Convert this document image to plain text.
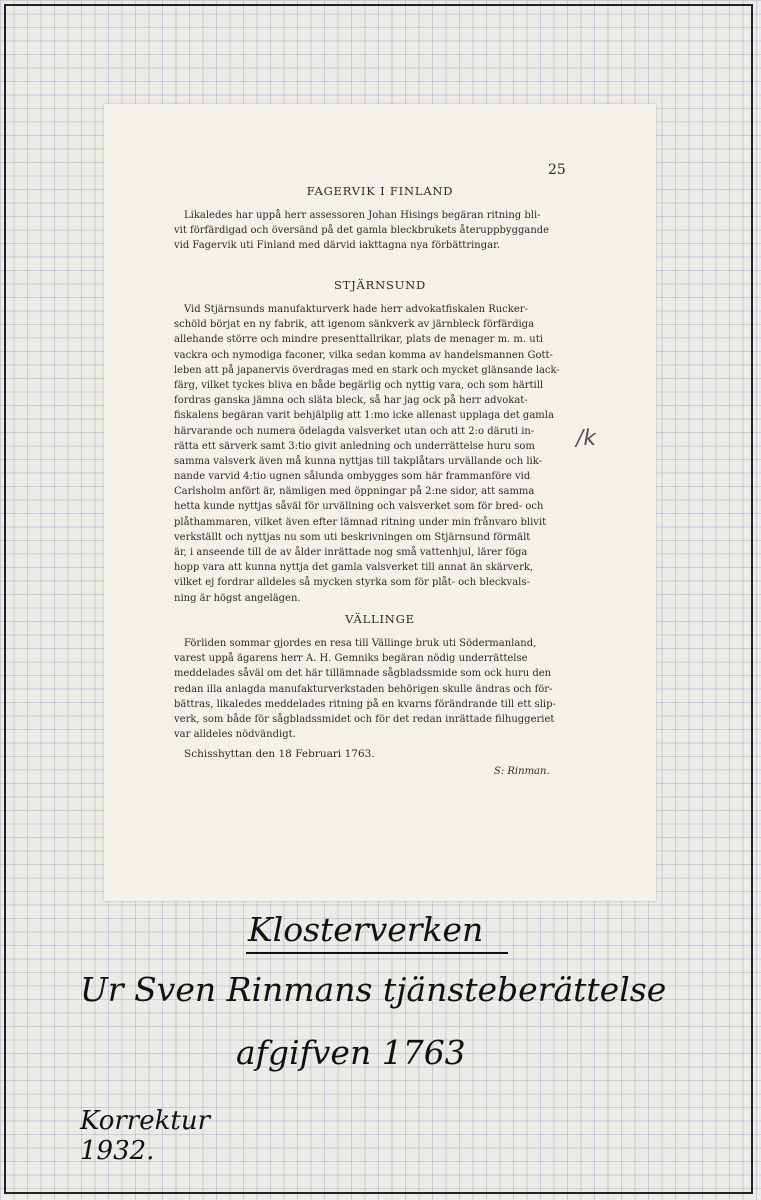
25
FAGERVIK I FINLAND
Likaledes har uppå herr assessoren Johan Hisings begäran ritning bli-
vit förfärdigad och översänd på det gamla bleckbrukets återuppbyggande
vid Fagervik uti Finland med därvid iakttagna nya förbättringar.
STJÄRNSUND
Vid Stjärnsunds manufakturverk hade herr advokatfiskalen Rucker-
schöld börjat en ny fabrik, att igenom sänkverk av järnbleck förfärdiga
allehande större och mindre presenttallrikar, plats de menager m. m. uti
vackra och nymodiga faconer, vilka sedan komma av handelsmannen Gott-
leben att på japanervis överdragas med en stark och mycket glänsande lack-
färg, vilket tyckes bliva en både begärlig och nyttig vara, och som härtill
fordras ganska jämna och släta bleck, så har jag ock på herr advokat-
fiskalens begäran varit behjälplig att 1:mo icke allenast upplaga det gamla
härvarande och numera ödelagda valsverket utan och att 2:o däruti in-
rätta ett särverk samt 3:tio givit anledning och underrättelse huru som
samma valsverk även må kunna nyttjas till takplåtars urvällande och lik-
nande varvid 4:tio ugnen sålunda ombygges som här frammanföre vid
Carlsholm anfört är, nämligen med öppningar på 2:ne sidor, att samma
hetta kunde nyttjas såväl för urvällning och valsverket som för bred- och
plåthammaren, vilket även efter lämnad ritning under min frånvaro blivit
verkställt och nyttjas nu som uti beskrivningen om Stjärnsund förmält
är, i anseende till de av ålder inrättade nog små vattenhjul, lärer föga
hopp vara att kunna nyttja det gamla valsverket till annat än skärverk,
vilket ej fordrar alldeles så mycken styrka som för plåt- och bleckvals-
ning är högst angelägen.
VÄLLINGE
Förliden sommar gjordes en resa till Vällinge bruk uti Södermanland,
varest uppå ägarens herr A. H. Gemniks begäran nödig underrättelse
meddelades såväl om det här tillämnade sågbladssmide som ock huru den
redan illa anlagda manufakturverkstaden behörigen skulle ändras och för-
bättras, likaledes meddelades ritning på en kvarns förändrande till ett slip-
verk, som både för sågbladssmidet och för det redan inrättade filhuggeriet
var alldeles nödvändigt.
Schisshyttan den 18 Februari 1763.
S: Rinman.
/k
Klosterverken
Ur Sven Rinmans tjänsteberättelse
afgifven 1763
Korrektur
1932.
